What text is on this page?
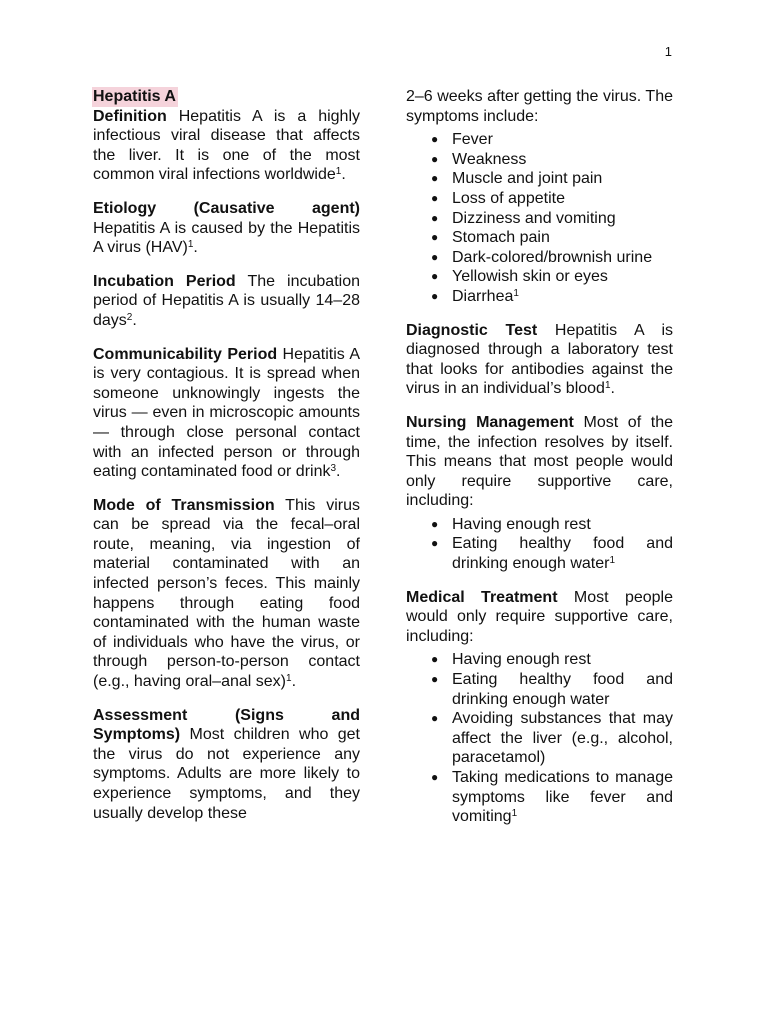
1

Hepatitis A

Definition Hepatitis A is a highly infectious viral disease that affects the liver. It is one of the most common viral infections worldwide$^1$.

Etiology (Causative agent) Hepatitis A is caused by the Hepatitis A virus (HAV)$^1$.

Incubation Period The incubation period of Hepatitis A is usually 14–28 days$^2$.

Communicability Period Hepatitis A is very contagious. It is spread when someone unknowingly ingests the virus — even in microscopic amounts — through close personal contact with an infected person or through eating contaminated food or drink$^3$.

Mode of Transmission This virus can be spread via the fecal–oral route, meaning, via ingestion of material contaminated with an infected person’s feces. This mainly happens through eating food contaminated with the human waste of individuals who have the virus, or through person-to-person contact (e.g., having oral–anal sex)$^1$.

Assessment (Signs and Symptoms) Most children who get the virus do not experience any symptoms. Adults are more likely to experience symptoms, and they usually develop these

2–6 weeks after getting the virus. The symptoms include:

● Fever
● Weakness
● Muscle and joint pain
● Loss of appetite
● Dizziness and vomiting
● Stomach pain
● Dark-colored/brownish urine
● Yellowish skin or eyes
● Diarrhea$^1$

Diagnostic Test Hepatitis A is diagnosed through a laboratory test that looks for antibodies against the virus in an individual’s blood$^1$.

Nursing Management Most of the time, the infection resolves by itself. This means that most people would only require supportive care, including:

● Having enough rest
● Eating healthy food and drinking enough water$^1$

Medical Treatment Most people would only require supportive care, including:

● Having enough rest
● Eating healthy food and drinking enough water
● Avoiding substances that may affect the liver (e.g., alcohol, paracetamol)
● Taking medications to manage symptoms like fever and vomiting$^1$
